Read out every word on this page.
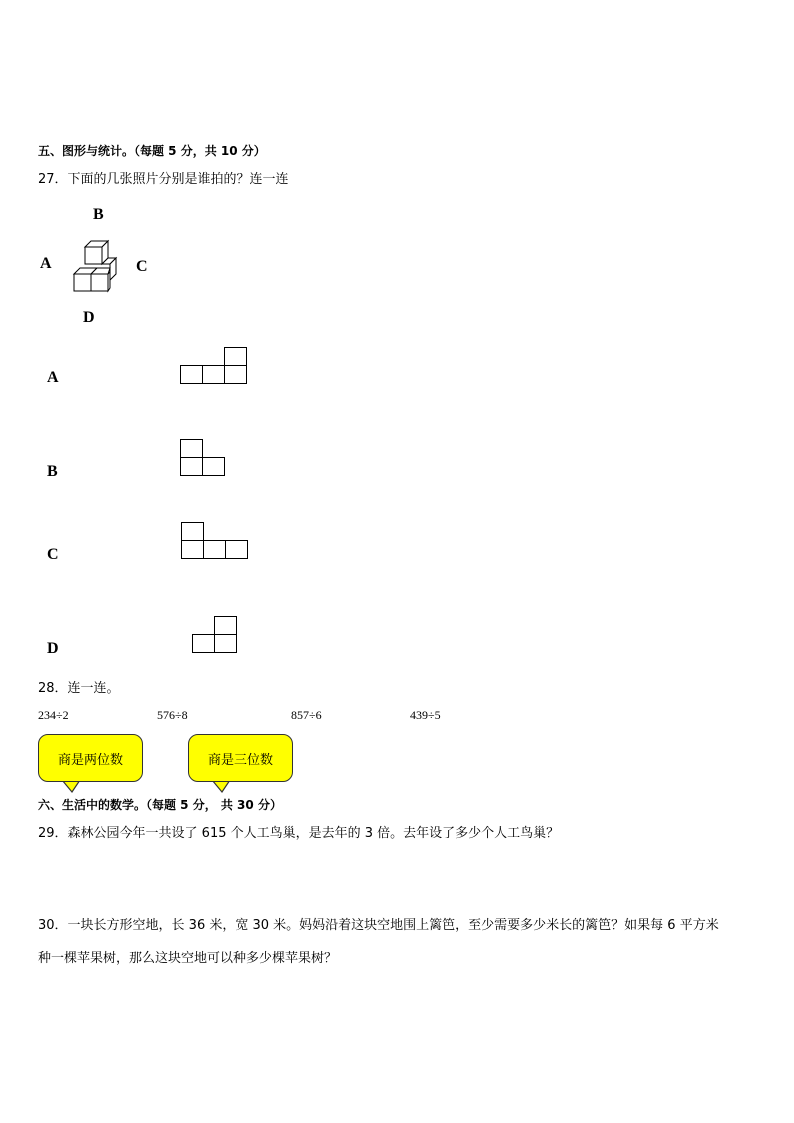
五、图形与统计。（每题 5 分，共 10 分）
27．下面的几张照片分别是谁拍的？连一连
B
A	C
D
A
B
C
D
28．连一连。
234÷2	576÷8	857÷6	439÷5
商是两位数	商是三位数
六、生活中的数学。（每题 5 分， 共 30 分）
29．森林公园今年一共设了 615 个人工鸟巢，是去年的 3 倍。去年设了多少个人工鸟巢？
30．一块长方形空地，长 36 米，宽 30 米。妈妈沿着这块空地围上篱笆，至少需要多少米长的篱笆？如果每 6 平方米
种一棵苹果树，那么这块空地可以种多少棵苹果树？
